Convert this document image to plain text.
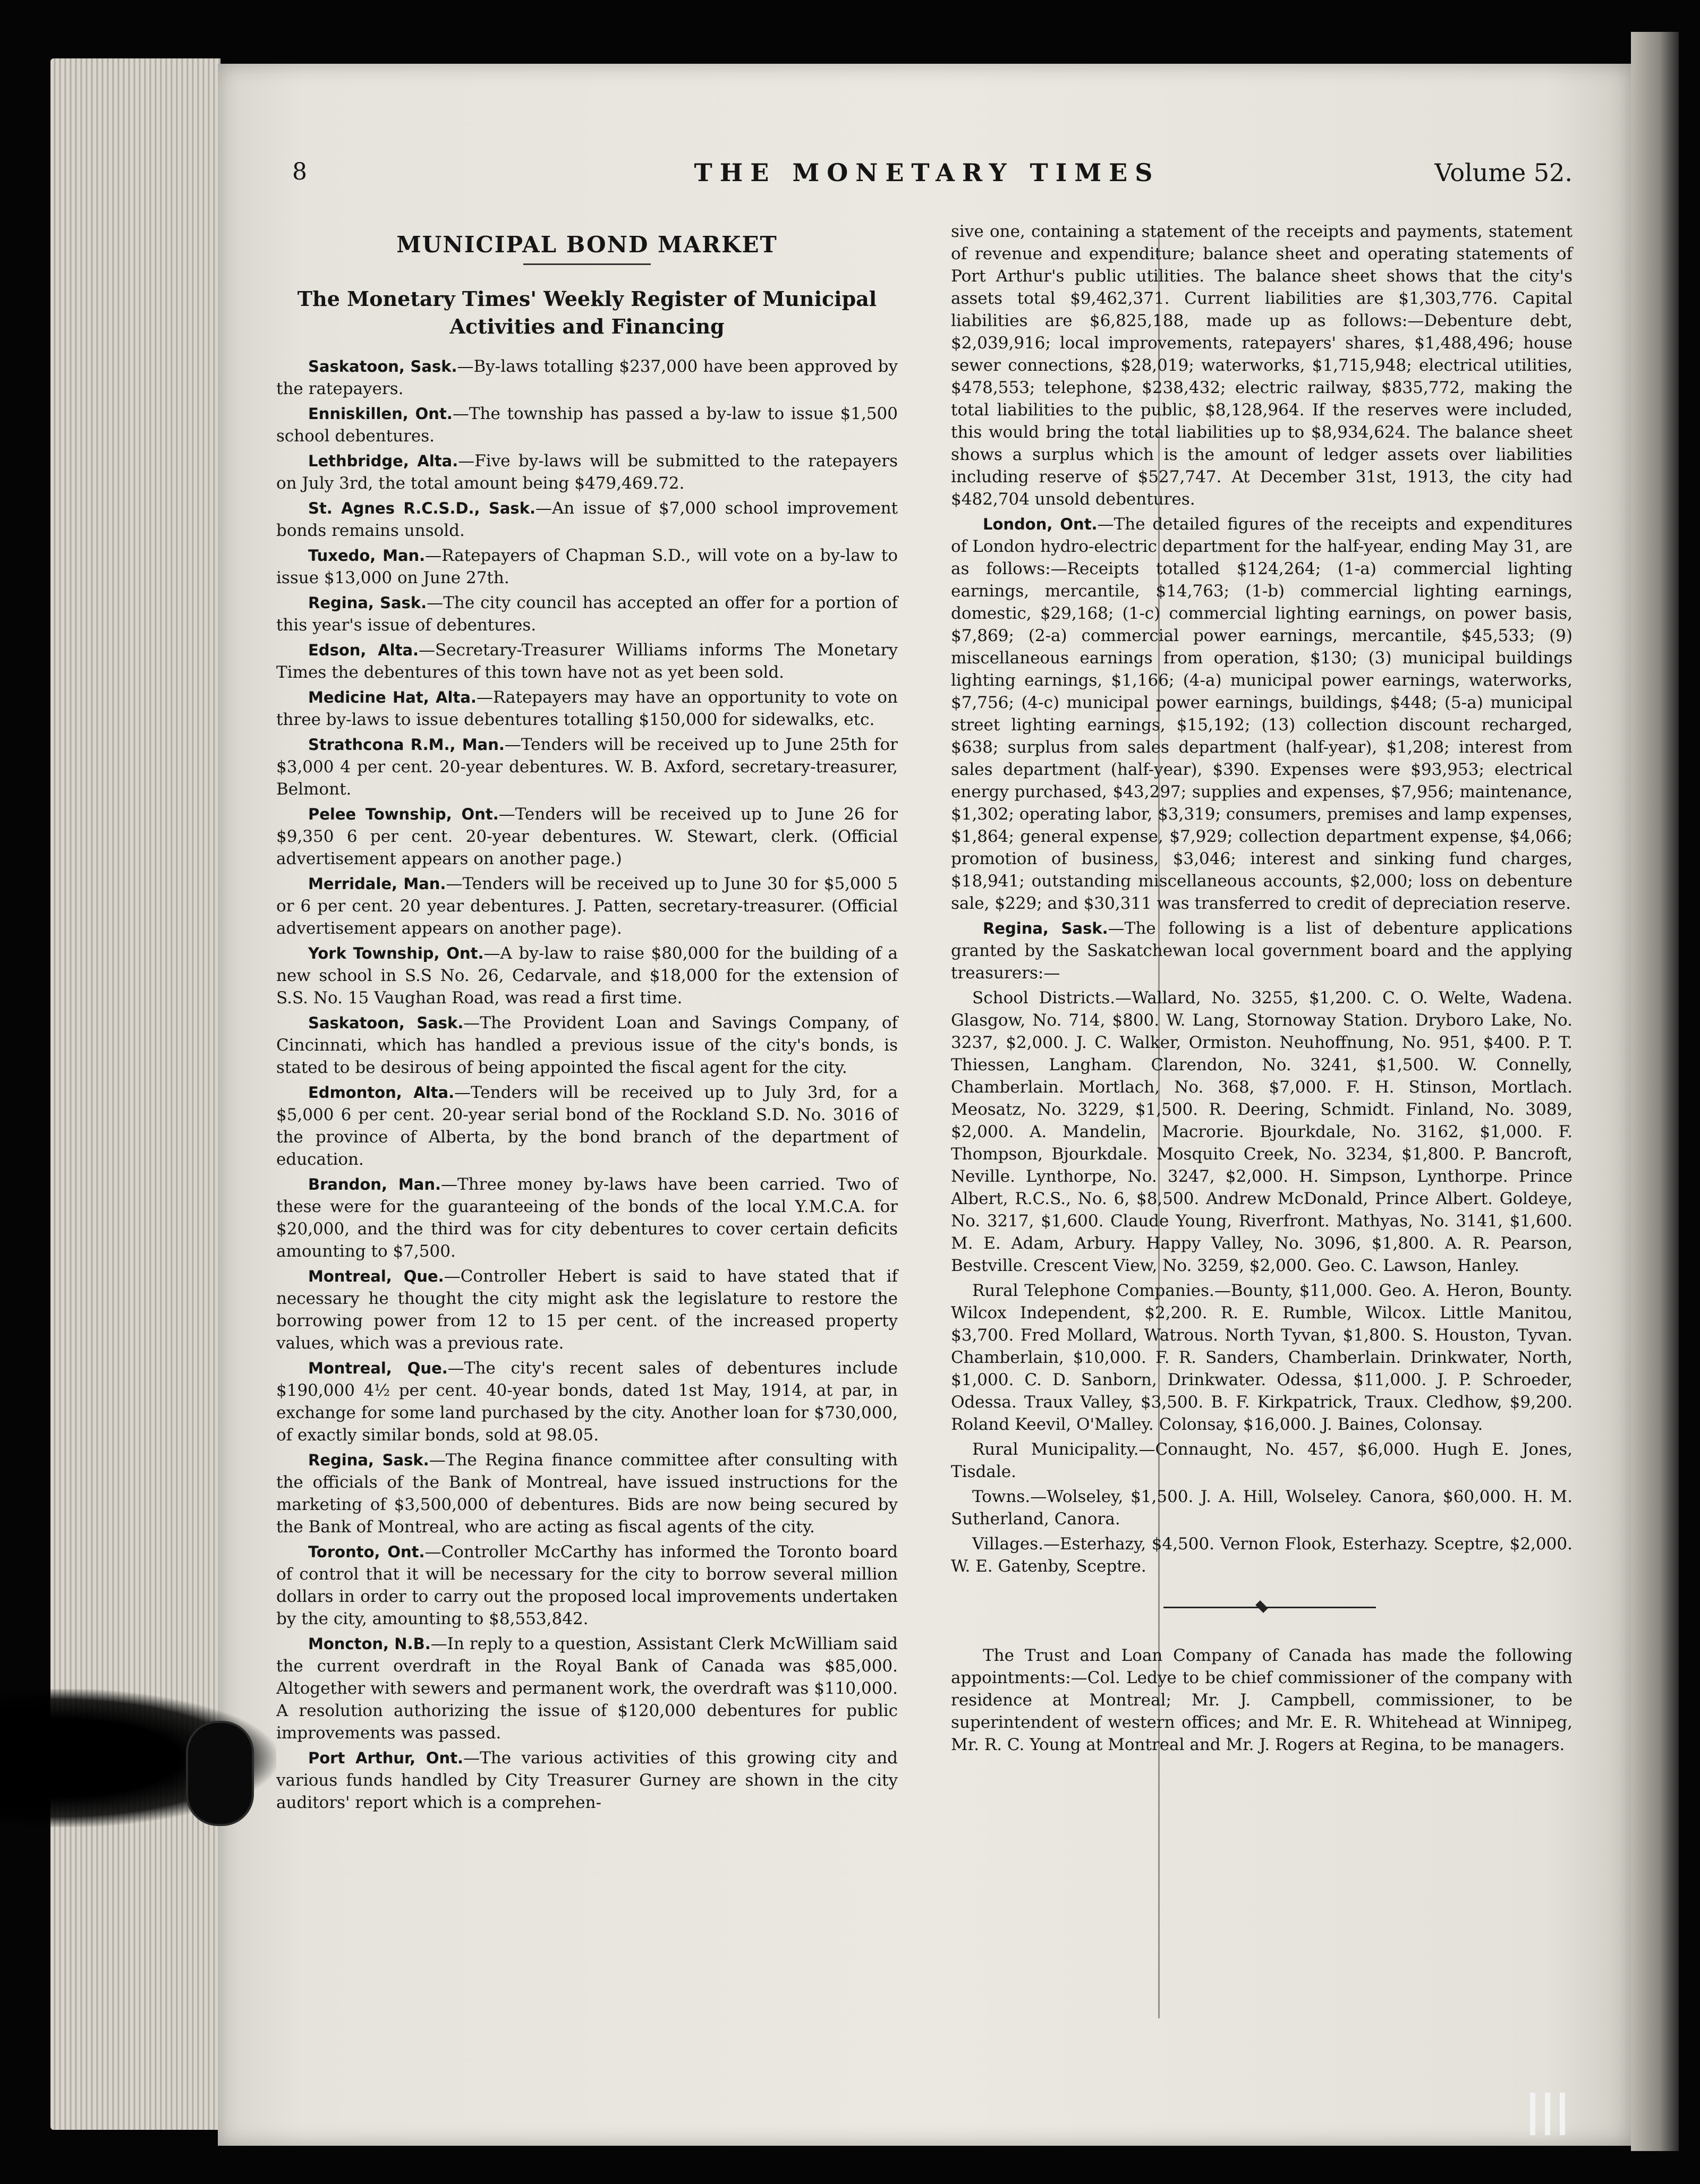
8	THE MONETARY TIMES	Volume 52.
MUNICIPAL BOND MARKET
The Monetary Times' Weekly Register of Municipal Activities and Financing

Saskatoon, Sask.—By-laws totalling $237,000 have been approved by the ratepayers.

Enniskillen, Ont.—The township has passed a by-law to issue $1,500 school debentures.

Lethbridge, Alta.—Five by-laws will be submitted to the ratepayers on July 3rd, the total amount being $479,469.72.

St. Agnes R.C.S.D., Sask.—An issue of $7,000 school improvement bonds remains unsold.

Tuxedo, Man.—Ratepayers of Chapman S.D., will vote on a by-law to issue $13,000 on June 27th.

Regina, Sask.—The city council has accepted an offer for a portion of this year's issue of debentures.

Edson, Alta.—Secretary-Treasurer Williams informs The Monetary Times the debentures of this town have not as yet been sold.

Medicine Hat, Alta.—Ratepayers may have an opportunity to vote on three by-laws to issue debentures totalling $150,000 for sidewalks, etc.

Strathcona R.M., Man.—Tenders will be received up to June 25th for $3,000 4 per cent. 20-year debentures. W. B. Axford, secretary-treasurer, Belmont.

Pelee Township, Ont.—Tenders will be received up to June 26 for $9,350 6 per cent. 20-year debentures. W. Stewart, clerk. (Official advertisement appears on another page.)

Merridale, Man.—Tenders will be received up to June 30 for $5,000 5 or 6 per cent. 20 year debentures. J. Patten, secretary-treasurer. (Official advertisement appears on another page).

York Township, Ont.—A by-law to raise $80,000 for the building of a new school in S.S No. 26, Cedarvale, and $18,000 for the extension of S.S. No. 15 Vaughan Road, was read a first time.

Saskatoon, Sask.—The Provident Loan and Savings Company, of Cincinnati, which has handled a previous issue of the city's bonds, is stated to be desirous of being appointed the fiscal agent for the city.

Edmonton, Alta.—Tenders will be received up to July 3rd, for a $5,000 6 per cent. 20-year serial bond of the Rockland S.D. No. 3016 of the province of Alberta, by the bond branch of the department of education.

Brandon, Man.—Three money by-laws have been carried. Two of these were for the guaranteeing of the bonds of the local Y.M.C.A. for $20,000, and the third was for city debentures to cover certain deficits amounting to $7,500.

Montreal, Que.—Controller Hebert is said to have stated that if necessary he thought the city might ask the legislature to restore the borrowing power from 12 to 15 per cent. of the increased property values, which was a previous rate.

Montreal, Que.—The city's recent sales of debentures include $190,000 4½ per cent. 40-year bonds, dated 1st May, 1914, at par, in exchange for some land purchased by the city. Another loan for $730,000, of exactly similar bonds, sold at 98.05.

Regina, Sask.—The Regina finance committee after consulting with the officials of the Bank of Montreal, have issued instructions for the marketing of $3,500,000 of debentures. Bids are now being secured by the Bank of Montreal, who are acting as fiscal agents of the city.

Toronto, Ont.—Controller McCarthy has informed the Toronto board of control that it will be necessary for the city to borrow several million dollars in order to carry out the proposed local improvements undertaken by the city, amounting to $8,553,842.

Moncton, N.B.—In reply to a question, Assistant Clerk McWilliam said the current overdraft in the Royal Bank of Canada was $85,000. Altogether with sewers and permanent work, the overdraft was $110,000. A resolution authorizing the issue of $120,000 debentures for public improvements was passed.

Port Arthur, Ont.—The various activities of this growing city and various funds handled by City Treasurer Gurney are shown in the city auditors' report which is a comprehen-

sive one, containing a statement of the receipts and payments, statement of revenue and expenditure; balance sheet and operating statements of Port Arthur's public utilities. The balance sheet shows that the city's assets total $9,462,371. Current liabilities are $1,303,776. Capital liabilities are $6,825,188, made up as follows:—Debenture debt, $2,039,916; local improvements, ratepayers' shares, $1,488,496; house sewer connections, $28,019; waterworks, $1,715,948; electrical utilities, $478,553; telephone, $238,432; electric railway, $835,772, making the total liabilities to the public, $8,128,964. If the reserves were included, this would bring the total liabilities up to $8,934,624. The balance sheet shows a surplus which is the amount of ledger assets over liabilities including reserve of $527,747. At December 31st, 1913, the city had $482,704 unsold debentures.

London, Ont.—The detailed figures of the receipts and expenditures of London hydro-electric department for the half-year, ending May 31, are as follows:—Receipts totalled $124,264; (1-a) commercial lighting earnings, mercantile, $14,763; (1-b) commercial lighting earnings, domestic, $29,168; (1-c) commercial lighting earnings, on power basis, $7,869; (2-a) commercial power earnings, mercantile, $45,533; (9) miscellaneous earnings from operation, $130; (3) municipal buildings lighting earnings, $1,166; (4-a) municipal power earnings, waterworks, $7,756; (4-c) municipal power earnings, buildings, $448; (5-a) municipal street lighting earnings, $15,192; (13) collection discount recharged, $638; surplus from sales department (half-year), $1,208; interest from sales department (half-year), $390. Expenses were $93,953; electrical energy purchased, $43,297; supplies and expenses, $7,956; maintenance, $1,302; operating labor, $3,319; consumers, premises and lamp expenses, $1,864; general expense, $7,929; collection department expense, $4,066; promotion of business, $3,046; interest and sinking fund charges, $18,941; outstanding miscellaneous accounts, $2,000; loss on debenture sale, $229; and $30,311 was transferred to credit of depreciation reserve.

Regina, Sask.—The following is a list of debenture applications granted by the Saskatchewan local government board and the applying treasurers:—

School Districts.—Wallard, No. 3255, $1,200. C. O. Welte, Wadena. Glasgow, No. 714, $800. W. Lang, Stornoway Station. Dryboro Lake, No. 3237, $2,000. J. C. Walker, Ormiston. Neuhoffnung, No. 951, $400. P. T. Thiessen, Langham. Clarendon, No. 3241, $1,500. W. Connelly, Chamberlain. Mortlach, No. 368, $7,000. F. H. Stinson, Mortlach. Meosatz, No. 3229, $1,500. R. Deering, Schmidt. Finland, No. 3089, $2,000. A. Mandelin, Macrorie. Bjourkdale, No. 3162, $1,000. F. Thompson, Bjourkdale. Mosquito Creek, No. 3234, $1,800. P. Bancroft, Neville. Lynthorpe, No. 3247, $2,000. H. Simpson, Lynthorpe. Prince Albert, R.C.S., No. 6, $8,500. Andrew McDonald, Prince Albert. Goldeye, No. 3217, $1,600. Claude Young, Riverfront. Mathyas, No. 3141, $1,600. M. E. Adam, Arbury. Happy Valley, No. 3096, $1,800. A. R. Pearson, Bestville. Crescent View, No. 3259, $2,000. Geo. C. Lawson, Hanley.

Rural Telephone Companies.—Bounty, $11,000. Geo. A. Heron, Bounty. Wilcox Independent, $2,200. R. E. Rumble, Wilcox. Little Manitou, $3,700. Fred Mollard, Watrous. North Tyvan, $1,800. S. Houston, Tyvan. Chamberlain, $10,000. F. R. Sanders, Chamberlain. Drinkwater, North, $1,000. C. D. Sanborn, Drinkwater. Odessa, $11,000. J. P. Schroeder, Odessa. Traux Valley, $3,500. B. F. Kirkpatrick, Traux. Cledhow, $9,200. Roland Keevil, O'Malley. Colonsay, $16,000. J. Baines, Colonsay.

Rural Municipality.—Connaught, No. 457, $6,000. Hugh E. Jones, Tisdale.

Towns.—Wolseley, $1,500. J. A. Hill, Wolseley. Canora, $60,000. H. M. Sutherland, Canora.

Villages.—Esterhazy, $4,500. Vernon Flook, Esterhazy. Sceptre, $2,000. W. E. Gatenby, Sceptre.

The Trust and Loan Company of Canada has made the following appointments:—Col. Ledye to be chief commissioner of the company with residence at Montreal; Mr. J. Campbell, commissioner, to be superintendent of western offices; and Mr. E. R. Whitehead at Winnipeg, Mr. R. C. Young at Montreal and Mr. J. Rogers at Regina, to be managers.
